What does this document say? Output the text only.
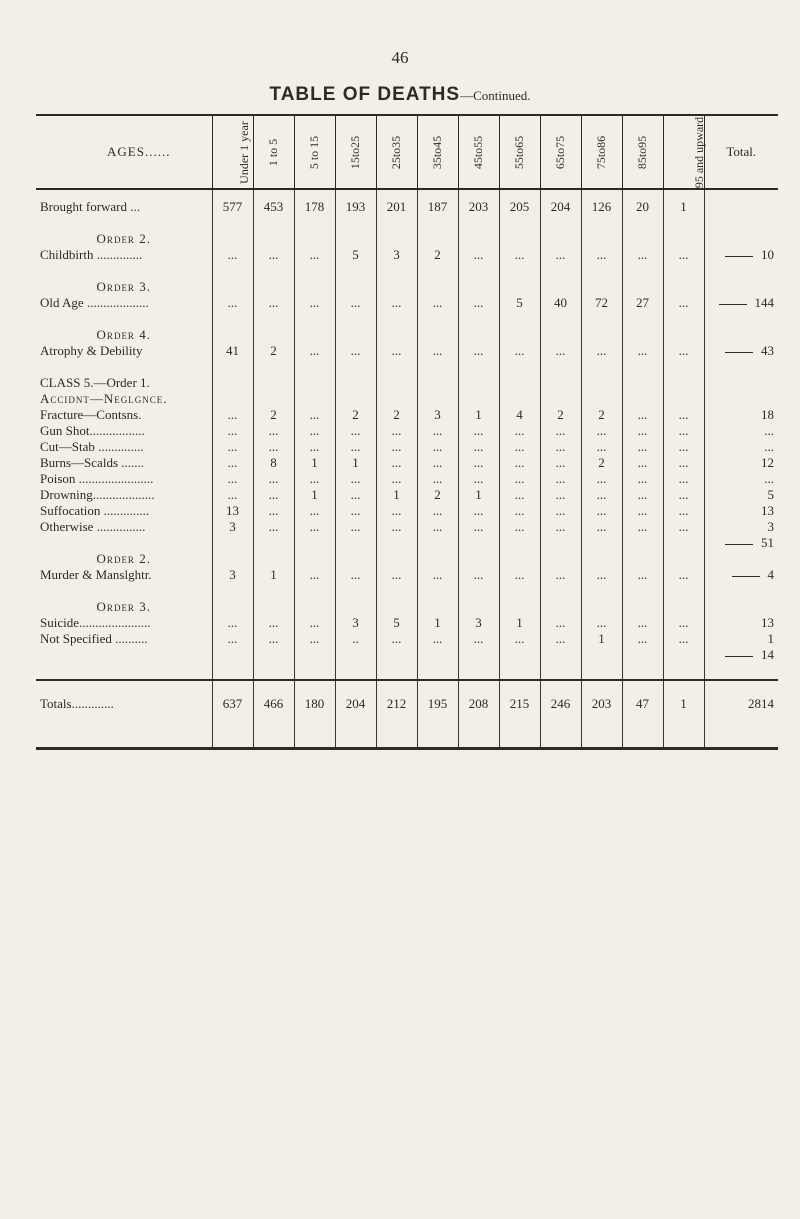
46
TABLE OF DEATHS—Continued.
AGES......	Under 1 year	1 to 5	5 to 15	15to25	25to35	35to45	45to55	55to65	65to75	75to86	85to95	95 and upward	Total.

Brought forward ...	577	453	178	193	201	187	203	205	204	126	20	1	

Order 2.													
Childbirth ..............	...	...	...	5	3	2	...	...	...	...	...	...	10

Order 3.													
Old Age ...................	...	...	...	...	...	...	...	5	40	72	27	...	144

Order 4.													
Atrophy & Debility	41	2	...	...	...	...	...	...	...	...	...	...	43

CLASS 5.—Order 1.													
Accidnt—Neglgnce.													
Fracture—Contsns.	...	2	...	2	2	3	1	4	2	2	...	...	18
Gun Shot.................	...	...	...	...	...	...	...	...	...	...	...	...	...
Cut—Stab ..............	...	...	...	...	...	...	...	...	...	...	...	...	...
Burns—Scalds .......	...	8	1	1	...	...	...	...	...	2	...	...	12
Poison .......................	...	...	...	...	...	...	...	...	...	...	...	...	...
Drowning...................	...	...	1	...	1	2	1	...	...	...	...	...	5
Suffocation ..............	13	...	...	...	...	...	...	...	...	...	...	...	13
Otherwise ...............	3	...	...	...	...	...	...	...	...	...	...	...	3
													51
Order 2.													
Murder & Manslghtr.	3	1	...	...	...	...	...	...	...	...	...	...	4

Order 3.													
Suicide......................	...	...	...	3	5	1	3	1	...	...	...	...	13
Not Specified ..........	...	...	...	..	...	...	...	...	...	1	...	...	1
													14

Totals.............	637	466	180	204	212	195	208	215	246	203	47	1	2814
